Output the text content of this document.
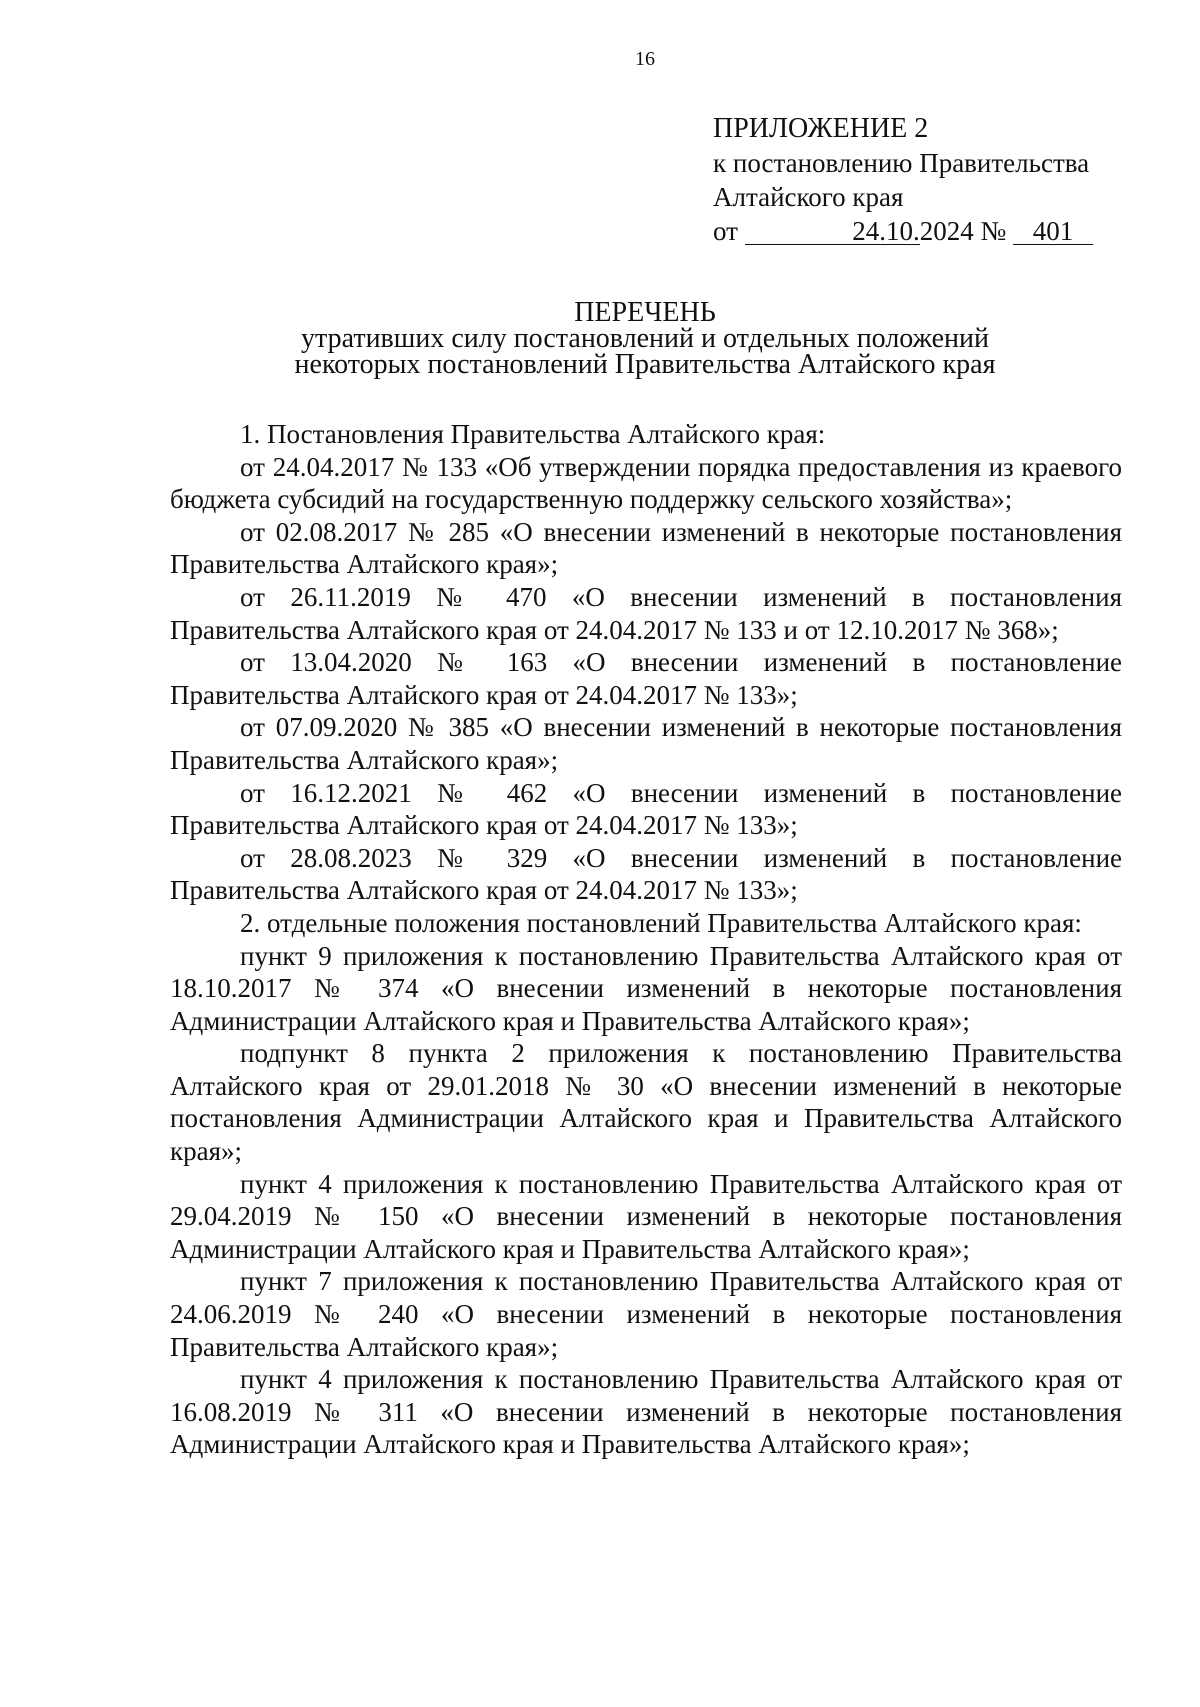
16
ПРИЛОЖЕНИЕ 2
к постановлению Правительства
Алтайского края
от	24.10.2024 № 401
ПЕРЕЧЕНЬ
утративших силу постановлений и отдельных положений
некоторых постановлений Правительства Алтайского края

1. Постановления Правительства Алтайского края:

от 24.04.2017 № 133 «Об утверждении порядка предоставления из краевого бюджета субсидий на государственную поддержку сельского хозяйства»;

от 02.08.2017 № 285 «О внесении изменений в некоторые постановления Правительства Алтайского края»;

от 26.11.2019 № 470 «О внесении изменений в постановления Правительства Алтайского края от 24.04.2017 № 133 и от 12.10.2017 № 368»;

от 13.04.2020 № 163 «О внесении изменений в постановление Правительства Алтайского края от 24.04.2017 № 133»;

от 07.09.2020 № 385 «О внесении изменений в некоторые постановления Правительства Алтайского края»;

от 16.12.2021 № 462 «О внесении изменений в постановление Правительства Алтайского края от 24.04.2017 № 133»;

от 28.08.2023 № 329 «О внесении изменений в постановление Правительства Алтайского края от 24.04.2017 № 133»;

2. отдельные положения постановлений Правительства Алтайского края:

пункт 9 приложения к постановлению Правительства Алтайского края от 18.10.2017 № 374 «О внесении изменений в некоторые постановления Администрации Алтайского края и Правительства Алтайского края»;

подпункт 8 пункта 2 приложения к постановлению Правительства Алтайского края от 29.01.2018 № 30 «О внесении изменений в некоторые постановления Администрации Алтайского края и Правительства Алтайского края»;

пункт 4 приложения к постановлению Правительства Алтайского края от 29.04.2019 № 150 «О внесении изменений в некоторые постановления Администрации Алтайского края и Правительства Алтайского края»;

пункт 7 приложения к постановлению Правительства Алтайского края от 24.06.2019 № 240 «О внесении изменений в некоторые постановления Правительства Алтайского края»;

пункт 4 приложения к постановлению Правительства Алтайского края от 16.08.2019 № 311 «О внесении изменений в некоторые постановления Администрации Алтайского края и Правительства Алтайского края»;
